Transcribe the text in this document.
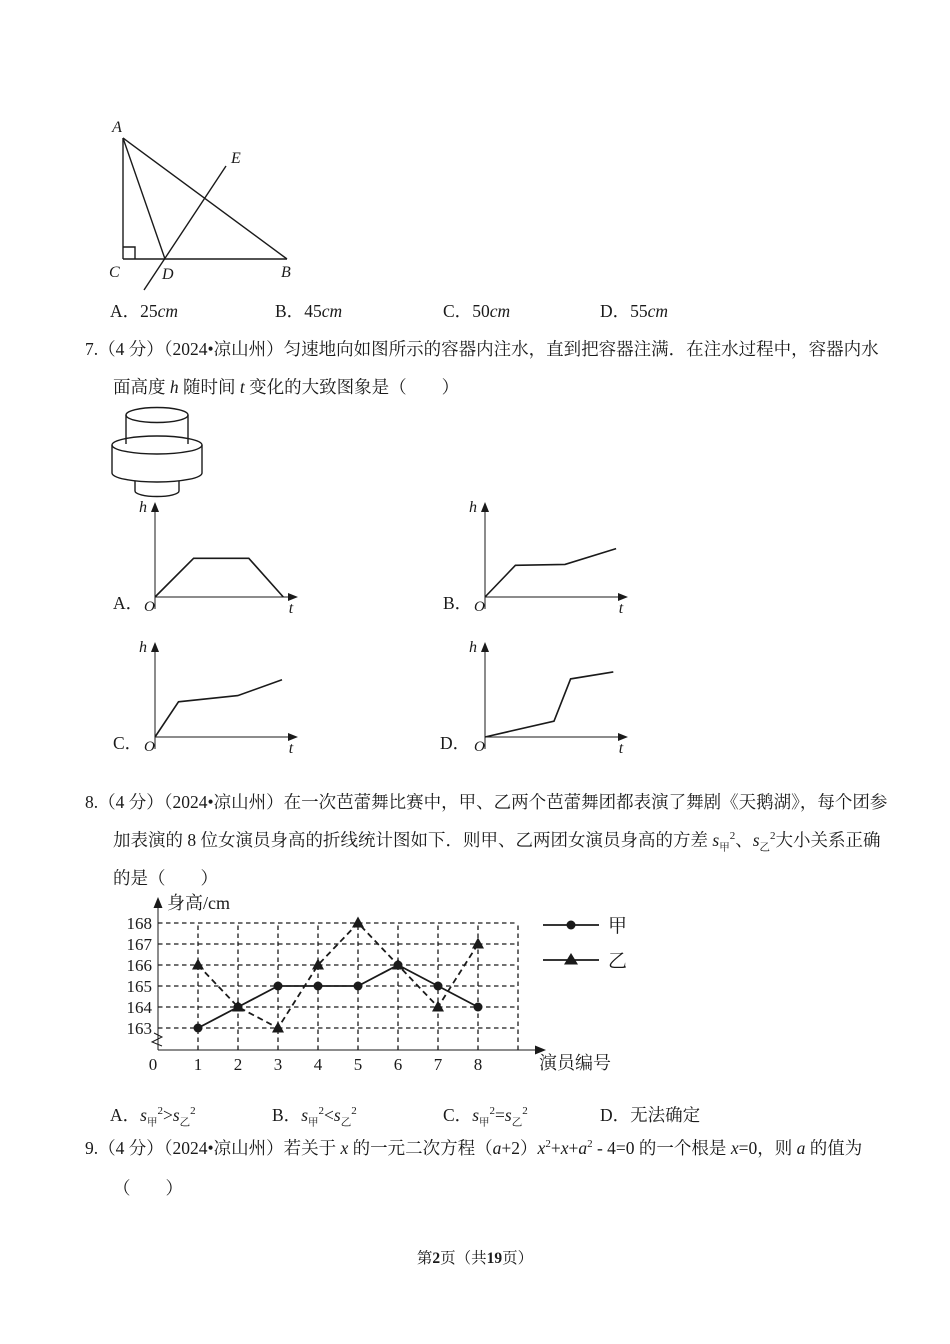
A
E
C	D	B
A．25cm	B．45cm	C．50cm	D．55cm
7.（4 分）（2024•凉山州）匀速地向如图所示的容器内注水，直到把容器注满．在注水过程中，容器内水
面高度 h 随时间 t 变化的大致图象是（　　）
A．
h
O	t	B．
h
O	t
C．
h
O	t	D．
h
O	t
8.（4 分）（2024•凉山州）在一次芭蕾舞比赛中，甲、乙两个芭蕾舞团都表演了舞剧《天鹅湖》，每个团参
加表演的 8 位女演员身高的折线统计图如下．则甲、乙两团女演员身高的方差 $s_甲^2$、$s_乙^2$大小关系正确
的是（　　）
163
164
165
166
167
168
0 1 2 3 4 5 6 7 8
身高/cm
演员编号
甲
乙
A．$s_甲^2>s_乙^2$	B．$s_甲^2<s_乙^2$	C．$s_甲^2=s_乙^2$	D．无法确定
9.（4 分）（2024•凉山州）若关于 x 的一元二次方程$(a+2)x^2+x+a^2 - 4=0$ 的一个根是 x=0，则 a 的值为
（　　）
第2页（共19页）
